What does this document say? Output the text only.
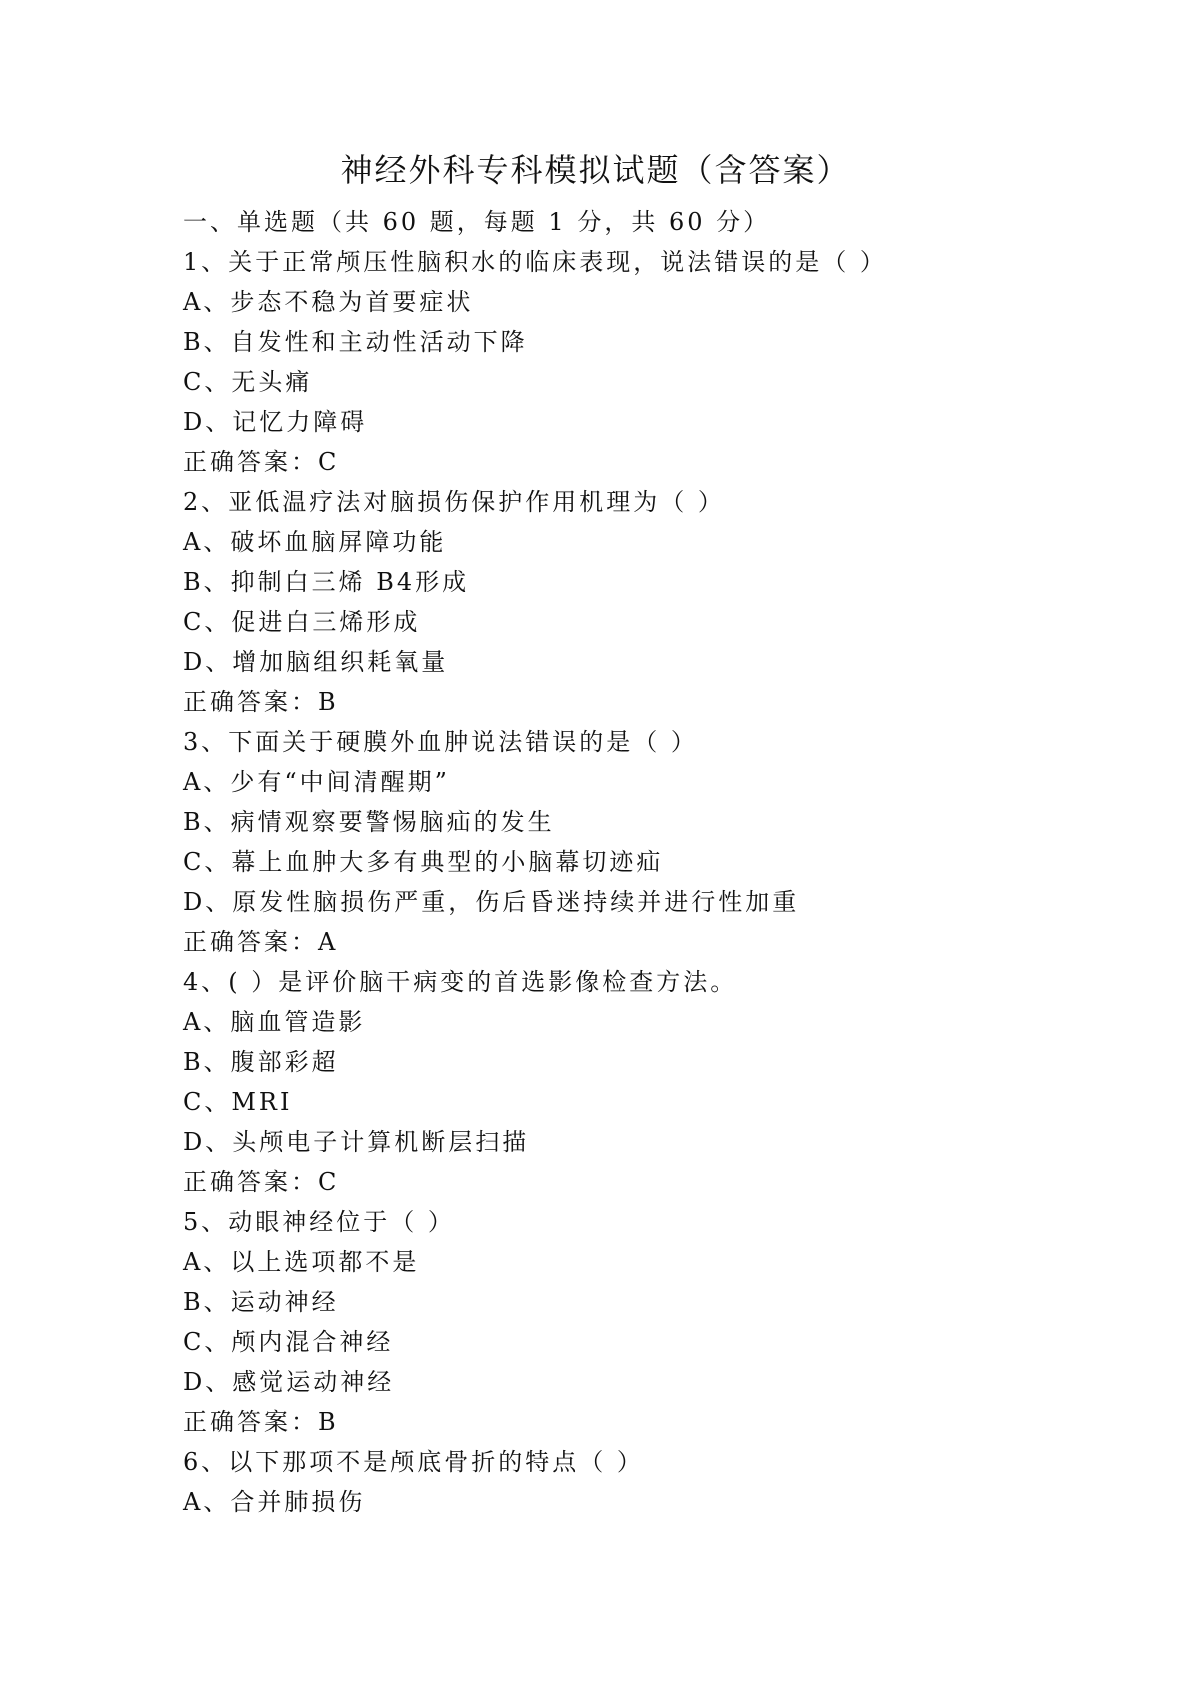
神经外科专科模拟试题（含答案）
一、单选题（共 60 题，每题 1 分，共 60 分）
1、关于正常颅压性脑积水的临床表现，说法错误的是（ ）
A、步态不稳为首要症状
B、自发性和主动性活动下降
C、无头痛
D、记忆力障碍
正确答案：C
2、亚低温疗法对脑损伤保护作用机理为（ ）
A、破坏血脑屏障功能
B、抑制白三烯 B4形成
C、促进白三烯形成
D、增加脑组织耗氧量
正确答案：B
3、下面关于硬膜外血肿说法错误的是（ ）
A、少有“中间清醒期”
B、病情观察要警惕脑疝的发生
C、幕上血肿大多有典型的小脑幕切迹疝
D、原发性脑损伤严重，伤后昏迷持续并进行性加重
正确答案：A
4、( ）是评价脑干病变的首选影像检查方法。
A、脑血管造影
B、腹部彩超
C、MRI
D、头颅电子计算机断层扫描
正确答案：C
5、动眼神经位于（ ）
A、以上选项都不是
B、运动神经
C、颅内混合神经
D、感觉运动神经
正确答案：B
6、以下那项不是颅底骨折的特点（ ）
A、合并肺损伤
